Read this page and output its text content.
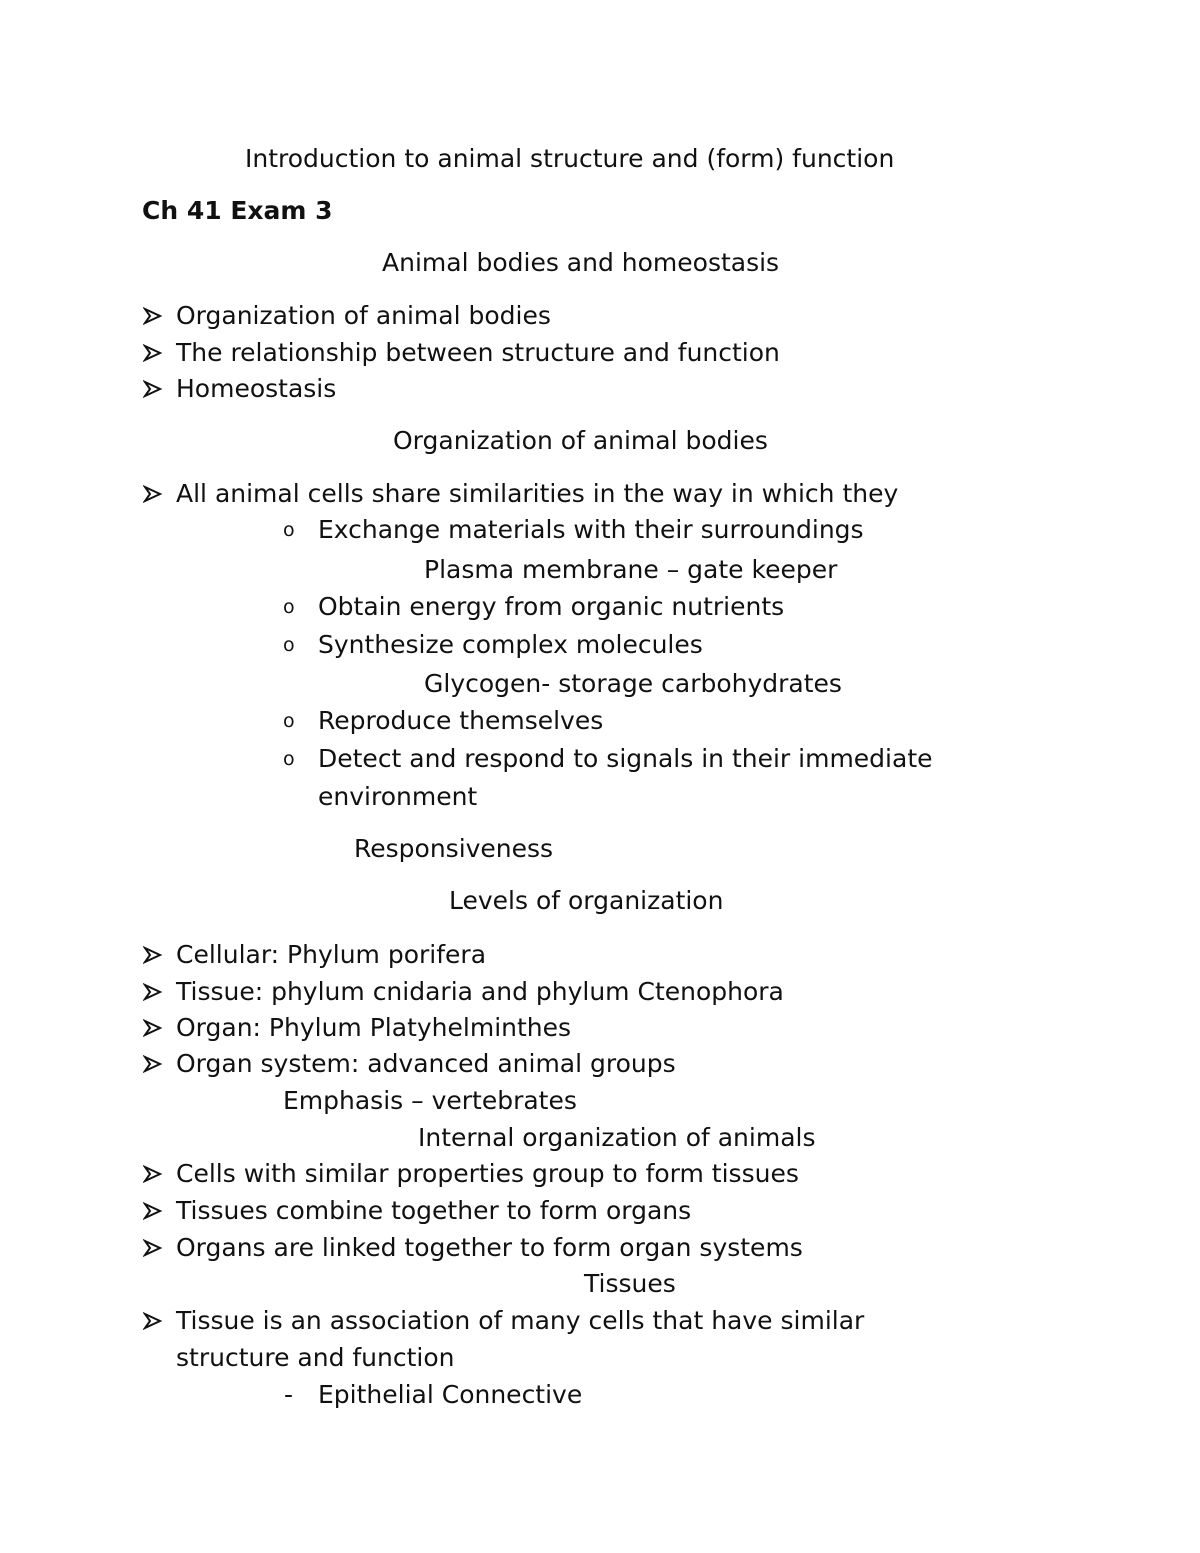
Introduction to animal structure and (form) function
Ch 41 Exam 3
Animal bodies and homeostasis
Organization of animal bodies
The relationship between structure and function
Homeostasis
Organization of animal bodies
All animal cells share similarities in the way in which they
o Exchange materials with their surroundings
Plasma membrane – gate keeper
o Obtain energy from organic nutrients
o Synthesize complex molecules
Glycogen- storage carbohydrates
o Reproduce themselves
o Detect and respond to signals in their immediate
environment
Responsiveness
Levels of organization
Cellular: Phylum porifera
Tissue: phylum cnidaria and phylum Ctenophora
Organ: Phylum Platyhelminthes
Organ system: advanced animal groups
Emphasis – vertebrates
Internal organization of animals
Cells with similar properties group to form tissues
Tissues combine together to form organs
Organs are linked together to form organ systems
Tissues
Tissue is an association of many cells that have similar
structure and function
- Epithelial Connective
